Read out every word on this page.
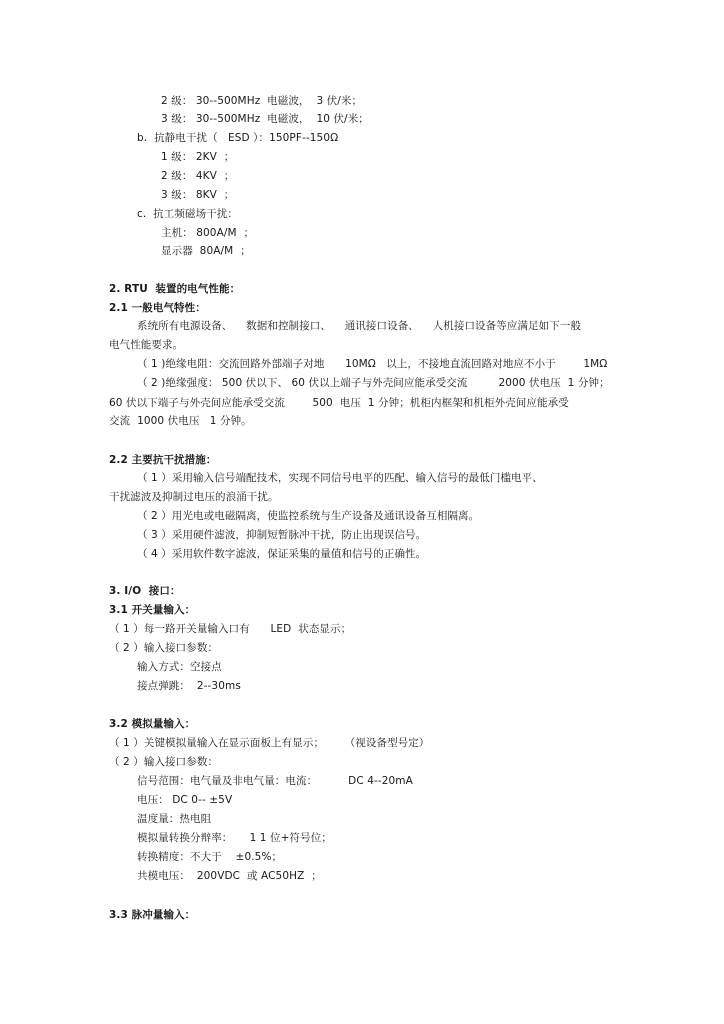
2 级： 30--500MHz  电磁波，  3 伏/米；
3 级： 30--500MHz  电磁波，  10 伏/米；
b.  抗静电干扰（   ESD ）：150PF--150Ω
1 级： 2KV  ；
2 级： 4KV  ；
3 级： 8KV  ；
c.  抗工频磁场干扰：
主机： 800A/M  ；
显示器  80A/M  ；
2. RTU  装置的电气性能：
2.1 一般电气特性：
系统所有电源设备、    数据和控制接口、    通讯接口设备、    人机接口设备等应满足如下一般
电气性能要求。
（ 1 )绝缘电阻：交流回路外部端子对地      10MΩ   以上，不接地直流回路对地应不小于        1MΩ
（ 2 )绝缘强度： 500 伏以下、 60 伏以上端子与外壳间应能承受交流         2000 伏电压  1 分钟；
60 伏以下端子与外壳间应能承受交流        500  电压  1 分钟；机柜内框架和机柜外壳间应能承受
交流  1000 伏电压   1 分钟。
2.2 主要抗干扰措施：
（ 1 ）采用输入信号端配技术，实现不同信号电平的匹配、输入信号的最低门槛电平、
干扰滤波及抑制过电压的浪涌干扰。
（ 2 ）用光电或电磁隔离，使监控系统与生产设备及通讯设备互相隔离。
（ 3 ）采用硬件滤波，抑制短暂脉冲干扰，防止出现误信号。
（ 4 ）采用软件数字滤波，保证采集的量值和信号的正确性。
3. I/O  接口：
3.1 开关量输入：
（ 1 ）每一路开关量输入口有      LED  状态显示；
（ 2 ）输入接口参数：
输入方式：空接点
接点弹跳：  2--30ms
3.2 模拟量输入：
（ 1 ）关键模拟量输入在显示面板上有显示；      （视设备型号定）
（ 2 ）输入接口参数：
信号范围：电气量及非电气量：电流：         DC 4--20mA
电压： DC 0-- ±5V
温度量：热电阻
模拟量转换分辩率：     1 1 位+符号位；
转换精度：不大于    ±0.5%；
共模电压：  200VDC  或 AC50HZ  ；
3.3 脉冲量输入：
